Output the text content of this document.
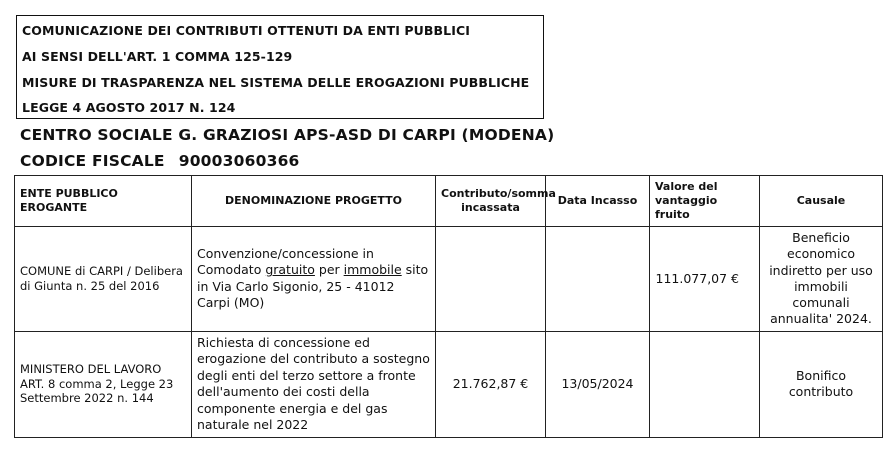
COMUNICAZIONE DEI CONTRIBUTI OTTENUTI DA ENTI PUBBLICI
AI SENSI DELL'ART. 1 COMMA 125-129
MISURE DI TRASPARENZA NEL SISTEMA DELLE EROGAZIONI PUBBLICHE
LEGGE 4 AGOSTO 2017 N. 124
CENTRO SOCIALE G. GRAZIOSI APS-ASD DI CARPI (MODENA)
CODICE FISCALE 90003060366
ENTE PUBBLICO EROGANTE	DENOMINAZIONE PROGETTO	Contributo/somma incassata	Data Incasso	Valore del vantaggio fruito	Causale
COMUNE di CARPI / Delibera di Giunta n. 25 del 2016	Convenzione/concessione in Comodato gratuito per immobile sito in Via Carlo Sigonio, 25 - 41012 Carpi (MO)			111.077,07 €	Beneficio economico indiretto per uso immobili comunali annualita' 2024.
MINISTERO DEL LAVORO ART. 8 comma 2, Legge 23 Settembre 2022 n. 144	Richiesta di concessione ed erogazione del contributo a sostegno degli enti del terzo settore a fronte dell'aumento dei costi della componente energia e del gas naturale nel 2022	21.762,87 €	13/05/2024		Bonifico contributo
